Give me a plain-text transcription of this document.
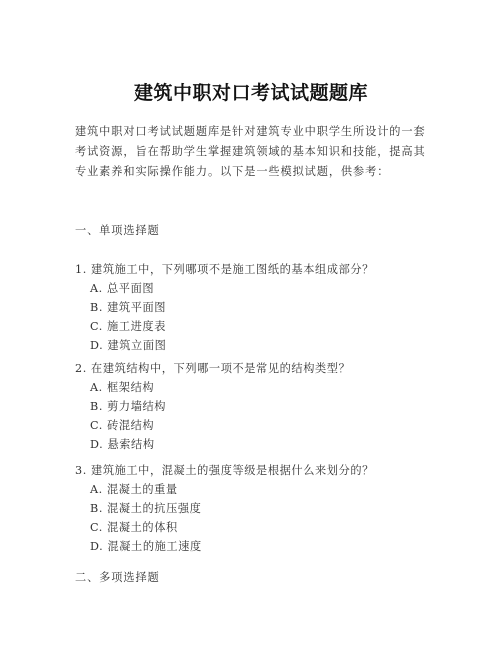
建筑中职对口考试试题题库
建筑中职对口考试试题题库是针对建筑专业中职学生所设计的一套考试资源，旨在帮助学生掌握建筑领域的基本知识和技能，提高其专业素养和实际操作能力。以下是一些模拟试题，供参考：
一、单项选择题
1. 建筑施工中，下列哪项不是施工图纸的基本组成部分？
A. 总平面图
B. 建筑平面图
C. 施工进度表
D. 建筑立面图
2. 在建筑结构中，下列哪一项不是常见的结构类型？
A. 框架结构
B. 剪力墙结构
C. 砖混结构
D. 悬索结构
3. 建筑施工中，混凝土的强度等级是根据什么来划分的？
A. 混凝土的重量
B. 混凝土的抗压强度
C. 混凝土的体积
D. 混凝土的施工速度
二、多项选择题
